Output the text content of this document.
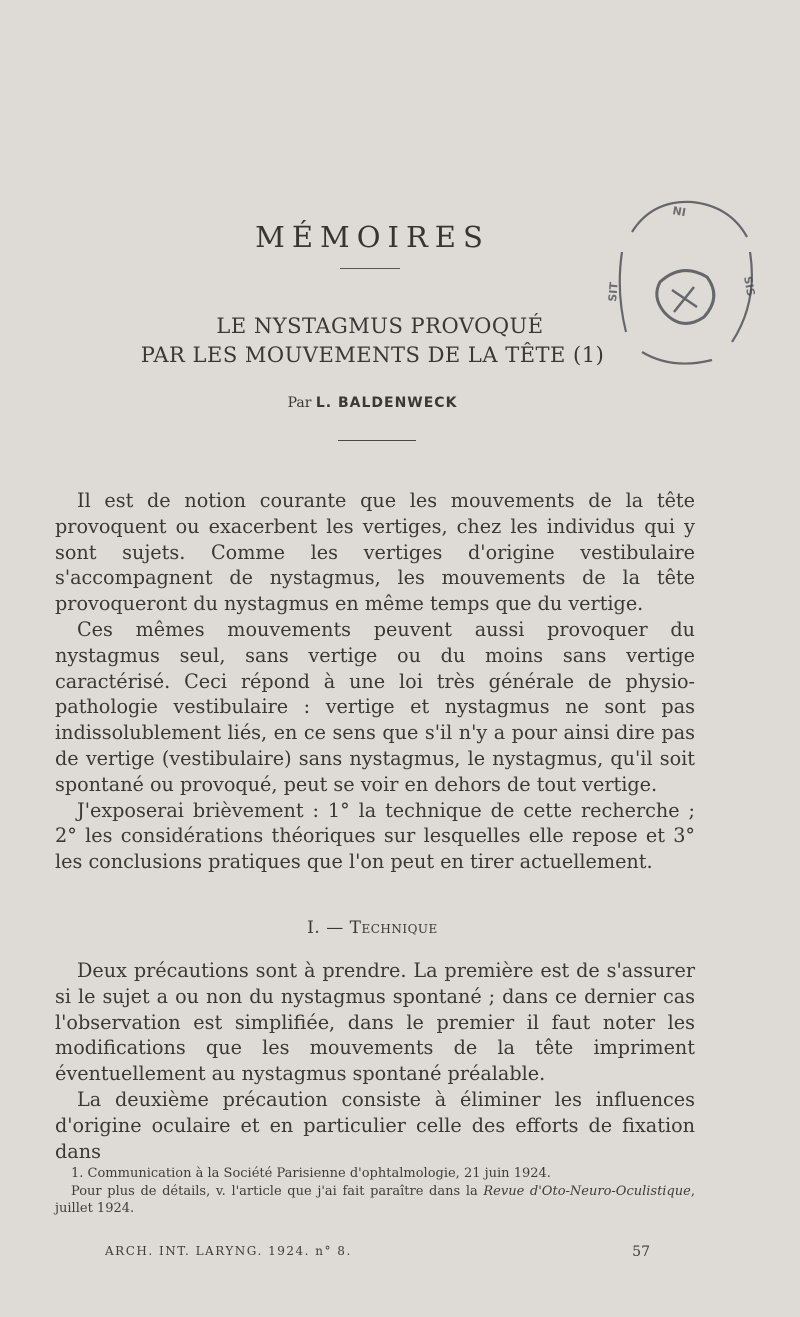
MÉMOIRES
LE NYSTAGMUS PROVOQUÉ
PAR LES MOUVEMENTS DE LA TÊTE (1)
Par L. BALDENWECK

Il est de notion courante que les mouvements de la tête provoquent ou exacerbent les vertiges, chez les individus qui y sont sujets. Comme les vertiges d'origine vestibulaire s'accompagnent de nystagmus, les mouvements de la tête provoqueront du nystagmus en même temps que du vertige.

Ces mêmes mouvements peuvent aussi provoquer du nystagmus seul, sans vertige ou du moins sans vertige caractérisé. Ceci répond à une loi très générale de physio-pathologie vestibulaire : vertige et nystagmus ne sont pas indissolublement liés, en ce sens que s'il n'y a pour ainsi dire pas de vertige (vestibulaire) sans nystagmus, le nystagmus, qu'il soit spontané ou provoqué, peut se voir en dehors de tout vertige.

J'exposerai brièvement : 1° la technique de cette recherche ; 2° les considérations théoriques sur lesquelles elle repose et 3° les conclusions pratiques que l'on peut en tirer actuellement.

I. — Technique

Deux précautions sont à prendre. La première est de s'assurer si le sujet a ou non du nystagmus spontané ; dans ce dernier cas l'observation est simplifiée, dans le premier il faut noter les modifications que les mouvements de la tête impriment éventuellement au nystagmus spontané préalable.

La deuxième précaution consiste à éliminer les influences d'origine oculaire et en particulier celle des efforts de fixation dans

1. Communication à la Société Parisienne d'ophtalmologie, 21 juin 1924.

Pour plus de détails, v. l'article que j'ai fait paraître dans la Revue d'Oto-Neuro-Oculistique, juillet 1924.

ARCH. INT. LARYNG. 1924. n° 8.	57
NI
SIS
SIT
